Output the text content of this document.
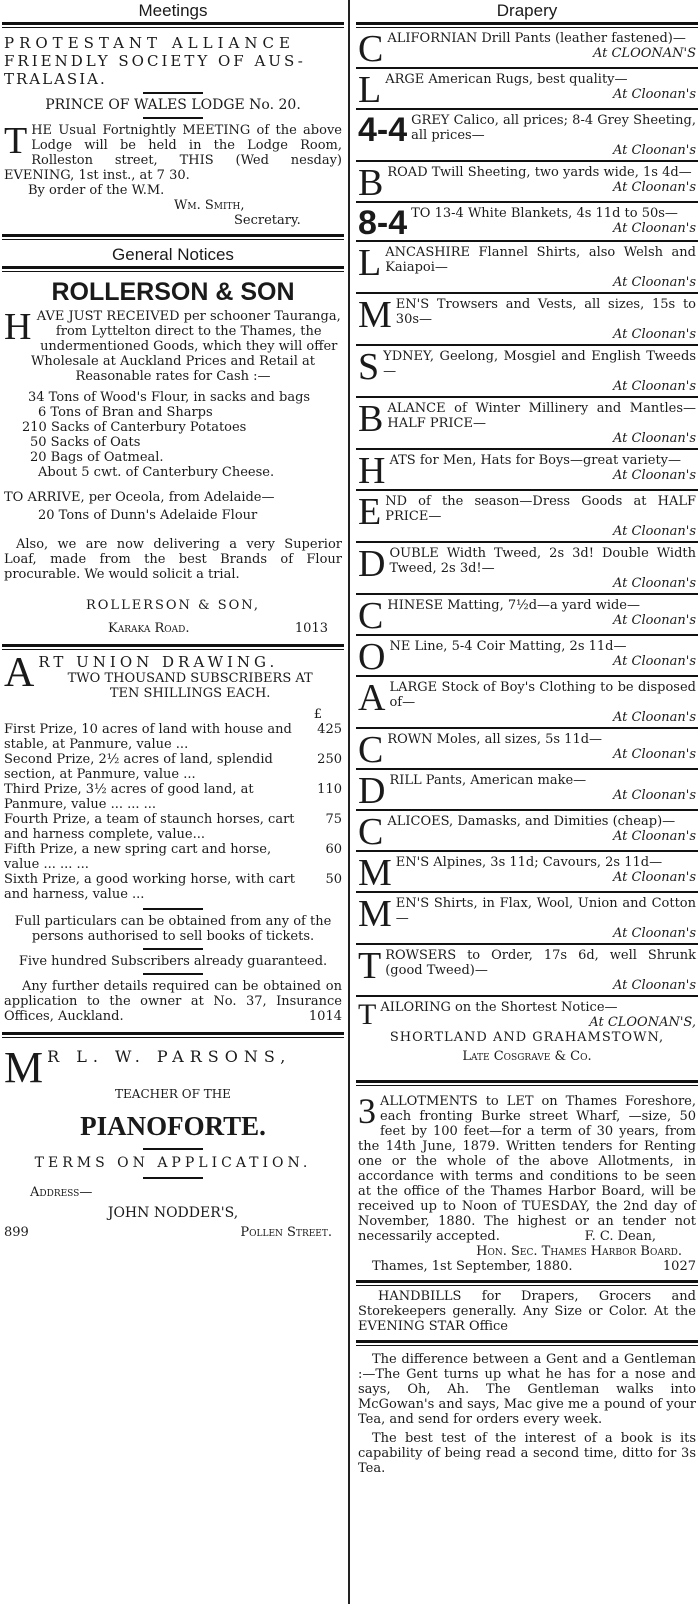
Meetings

PROTESTANT ALLIANCE

FRIENDLY SOCIETY OF AUS-

TRALASIA.

PRINCE OF WALES LODGE No. 20.

T HE Usual Fortnightly MEETING of the above Lodge will be held in the Lodge Room, Rolleston street, THIS (Wed nesday) EVENING, 1st inst., at 7 30.

By order of the W.M.

Wm. Smith,

Secretary.

General Notices

ROLLERSON & SON

H AVE JUST RECEIVED per schooner Tauranga, from Lyttelton direct to the Thames, the undermentioned Goods, which they will offer Wholesale at Auckland Prices and Retail at Reasonable rates for Cash :—

34 Tons of Wood's Flour, in sacks and bags

6 Tons of Bran and Sharps

210 Sacks of Canterbury Potatoes

50 Sacks of Oats

20 Bags of Oatmeal.

About 5 cwt. of Canterbury Cheese.

TO ARRIVE, per Oceola, from Adelaide—

20 Tons of Dunn's Adelaide Flour

Also, we are now delivering a very Superior Loaf, made from the best Brands of Flour procurable. We would solicit a trial.

ROLLERSON & SON,

Karaka Road.	1013
A RT UNION DRAWING.

TWO THOUSAND SUBSCRIBERS AT

TEN SHILLINGS EACH.

£

First Prize, 10 acres of land with house and stable, at Panmure, value ...
425
Second Prize, 2½ acres of land, splendid section, at Panmure, value ...
250
Third Prize, 3½ acres of good land, at Panmure, value ... ... ...
110
Fourth Prize, a team of staunch horses, cart and harness complete, value...
75
Fifth Prize, a new spring cart and horse, value ... ... ...
60
Sixth Prize, a good working horse, with cart and harness, value ...
50

Full particulars can be obtained from any of the persons authorised to sell books of tickets.

Five hundred Subscribers already guaranteed.

Any further details required can be obtained on application to the owner at No. 37, Insurance Offices, Auckland.	1014

M R L. W. PARSONS,

TEACHER OF THE

PIANOFORTE.

TERMS ON APPLICATION.

Address—

JOHN NODDER'S,

899	Pollen Street.
Drapery
C ALIFORNIAN Drill Pants (leather fastened)—

At CLOONAN'S

L ARGE American Rugs, best quality—

At Cloonan's

4-4 GREY Calico, all prices; 8-4 Grey Sheeting, all prices—

At Cloonan's

B ROAD Twill Sheeting, two yards wide, 1s 4d—

At Cloonan's

8-4 TO 13-4 White Blankets, 4s 11d to 50s—

At Cloonan's

L ANCASHIRE Flannel Shirts, also Welsh and Kaiapoi—

At Cloonan's

M EN'S Trowsers and Vests, all sizes, 15s to 30s—

At Cloonan's

S YDNEY, Geelong, Mosgiel and English Tweeds—

At Cloonan's

B ALANCE of Winter Millinery and Mantles— HALF PRICE—

At Cloonan's

H ATS for Men, Hats for Boys—great variety—

At Cloonan's

E ND of the season—Dress Goods at HALF PRICE—

At Cloonan's

D OUBLE Width Tweed, 2s 3d! Double Width Tweed, 2s 3d!—

At Cloonan's

C HINESE Matting, 7½d—a yard wide—

At Cloonan's

O NE Line, 5-4 Coir Matting, 2s 11d—

At Cloonan's

A LARGE Stock of Boy's Clothing to be disposed of—

At Cloonan's

C ROWN Moles, all sizes, 5s 11d—

At Cloonan's

D RILL Pants, American make—

At Cloonan's

C ALICOES, Damasks, and Dimities (cheap)—

At Cloonan's

M EN'S Alpines, 3s 11d; Cavours, 2s 11d—

At Cloonan's

M EN'S Shirts, in Flax, Wool, Union and Cotton—

At Cloonan's

T ROWSERS to Order, 17s 6d, well Shrunk (good Tweed)—

At Cloonan's

T AILORING on the Shortest Notice—

At CLOONAN'S,

SHORTLAND AND GRAHAMSTOWN,

Late Cosgrave & Co.

3 ALLOTMENTS to LET on Thames Foreshore, each fronting Burke street Wharf, —size, 50 feet by 100 feet—for a term of 30 years, from the 14th June, 1879. Written tenders for Renting one or the whole of the above Allotments, in accordance with terms and conditions to be seen at the office of the Thames Harbor Board, will be received up to Noon of TUESDAY, the 2nd day of November, 1880. The highest or an tender not necessarily accepted.	F. C. Dean,

Hon. Sec. Thames Harbor Board.

Thames, 1st September, 1880.	1027

HANDBILLS for Drapers, Grocers and Storekeepers generally. Any Size or Color. At the EVENING STAR Office

The difference between a Gent and a Gentleman :—The Gent turns up what he has for a nose and says, Oh, Ah. The Gentleman walks into McGowan's and says, Mac give me a pound of your Tea, and send for orders every week.

The best test of the interest of a book is its capability of being read a second time, ditto for 3s Tea.
